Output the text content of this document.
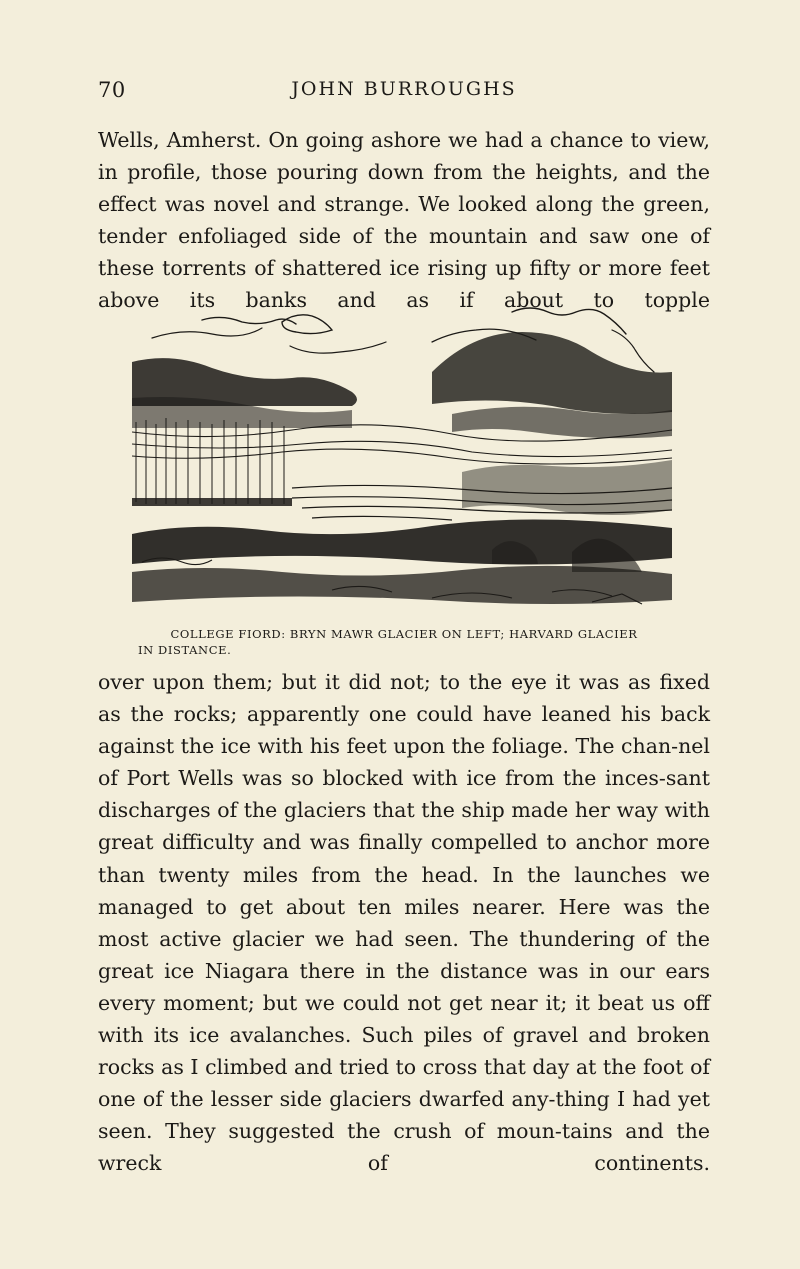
70	JOHN BURROUGHS

Wells, Amherst. On going ashore we had a chance to view, in profile, those pouring down from the heights, and the effect was novel and strange. We looked along the green, tender enfoliaged side of the mountain and saw one of these torrents of shattered ice rising up fifty or more feet above its banks and as if about to topple

COLLEGE FIORD: BRYN MAWR GLACIER ON LEFT; HARVARD GLACIER
IN DISTANCE.

over upon them; but it did not; to the eye it was as fixed as the rocks; apparently one could have leaned his back against the ice with his feet upon the foliage. The chan-nel of Port Wells was so blocked with ice from the inces-sant discharges of the glaciers that the ship made her way with great difficulty and was finally compelled to anchor more than twenty miles from the head. In the launches we managed to get about ten miles nearer. Here was the most active glacier we had seen. The thundering of the great ice Niagara there in the distance was in our ears every moment; but we could not get near it; it beat us off with its ice avalanches. Such piles of gravel and broken rocks as I climbed and tried to cross that day at the foot of one of the lesser side glaciers dwarfed any-thing I had yet seen. They suggested the crush of moun-tains and the wreck of continents.
